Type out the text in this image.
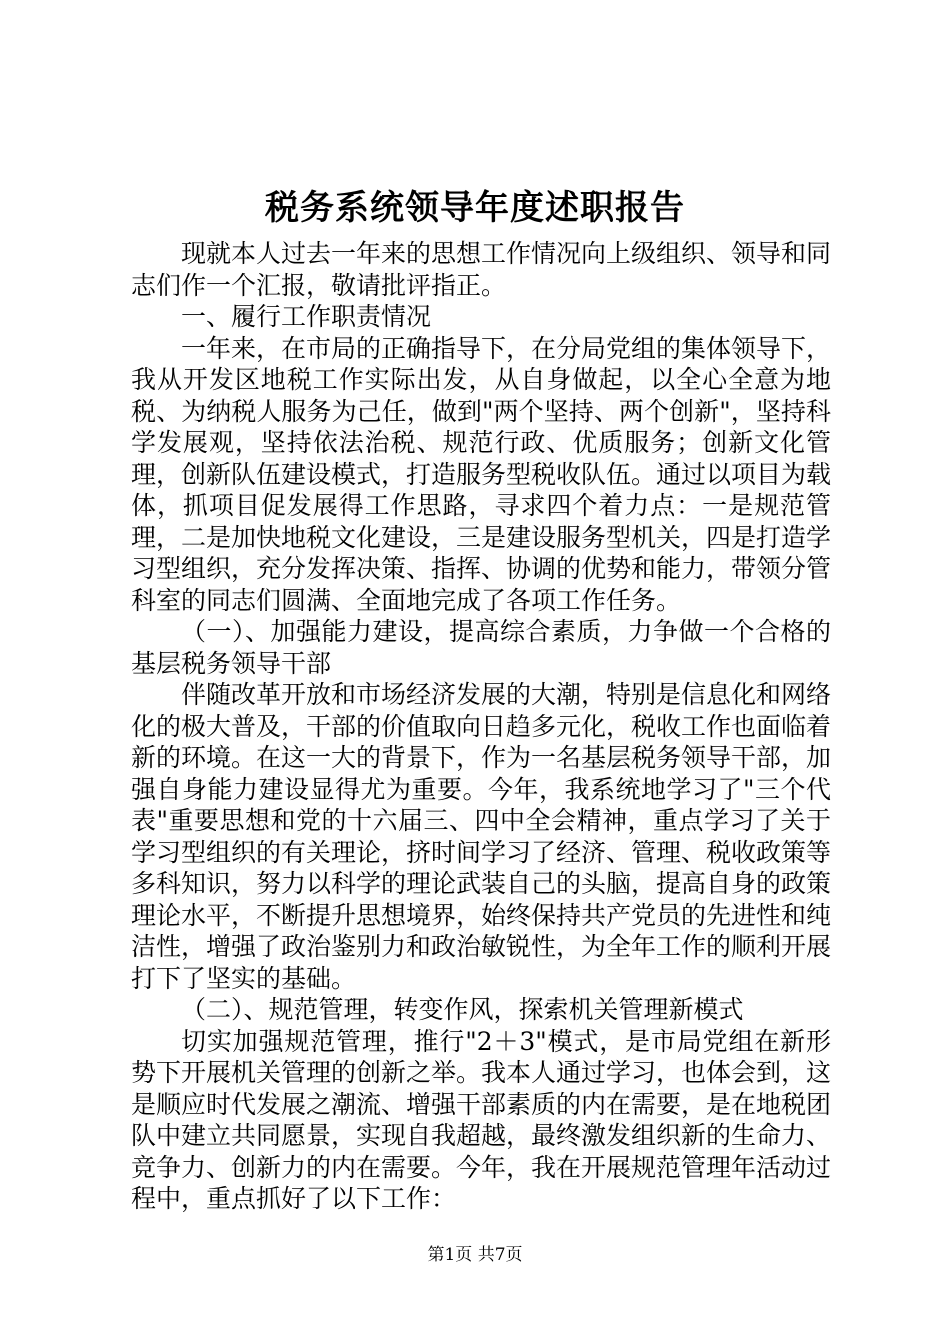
税务系统领导年度述职报告

现就本人过去一年来的思想工作情况向上级组织、领导和同志们作一个汇报，敬请批评指正。

一、履行工作职责情况

一年来，在市局的正确指导下，在分局党组的集体领导下，我从开发区地税工作实际出发，从自身做起，以全心全意为地税、为纳税人服务为己任，做到"两个坚持、两个创新"，坚持科学发展观，坚持依法治税、规范行政、优质服务；创新文化管理，创新队伍建设模式，打造服务型税收队伍。通过以项目为载体，抓项目促发展得工作思路，寻求四个着力点：一是规范管理，二是加快地税文化建设，三是建设服务型机关，四是打造学习型组织，充分发挥决策、指挥、协调的优势和能力，带领分管科室的同志们圆满、全面地完成了各项工作任务。

（一）、加强能力建设，提高综合素质，力争做一个合格的基层税务领导干部

伴随改革开放和市场经济发展的大潮，特别是信息化和网络化的极大普及，干部的价值取向日趋多元化，税收工作也面临着新的环境。在这一大的背景下，作为一名基层税务领导干部，加强自身能力建设显得尤为重要。今年，我系统地学习了"三个代表"重要思想和党的十六届三、四中全会精神，重点学习了关于学习型组织的有关理论，挤时间学习了经济、管理、税收政策等多科知识，努力以科学的理论武装自己的头脑，提高自身的政策理论水平，不断提升思想境界，始终保持共产党员的先进性和纯洁性，增强了政治鉴别力和政治敏锐性，为全年工作的顺利开展打下了坚实的基础。

（二）、规范管理，转变作风，探索机关管理新模式

切实加强规范管理，推行"2＋3"模式，是市局党组在新形势下开展机关管理的创新之举。我本人通过学习，也体会到，这是顺应时代发展之潮流、增强干部素质的内在需要，是在地税团队中建立共同愿景，实现自我超越，最终激发组织新的生命力、竞争力、创新力的内在需要。今年，我在开展规范管理年活动过程中，重点抓好了以下工作：

第1页 共7页
